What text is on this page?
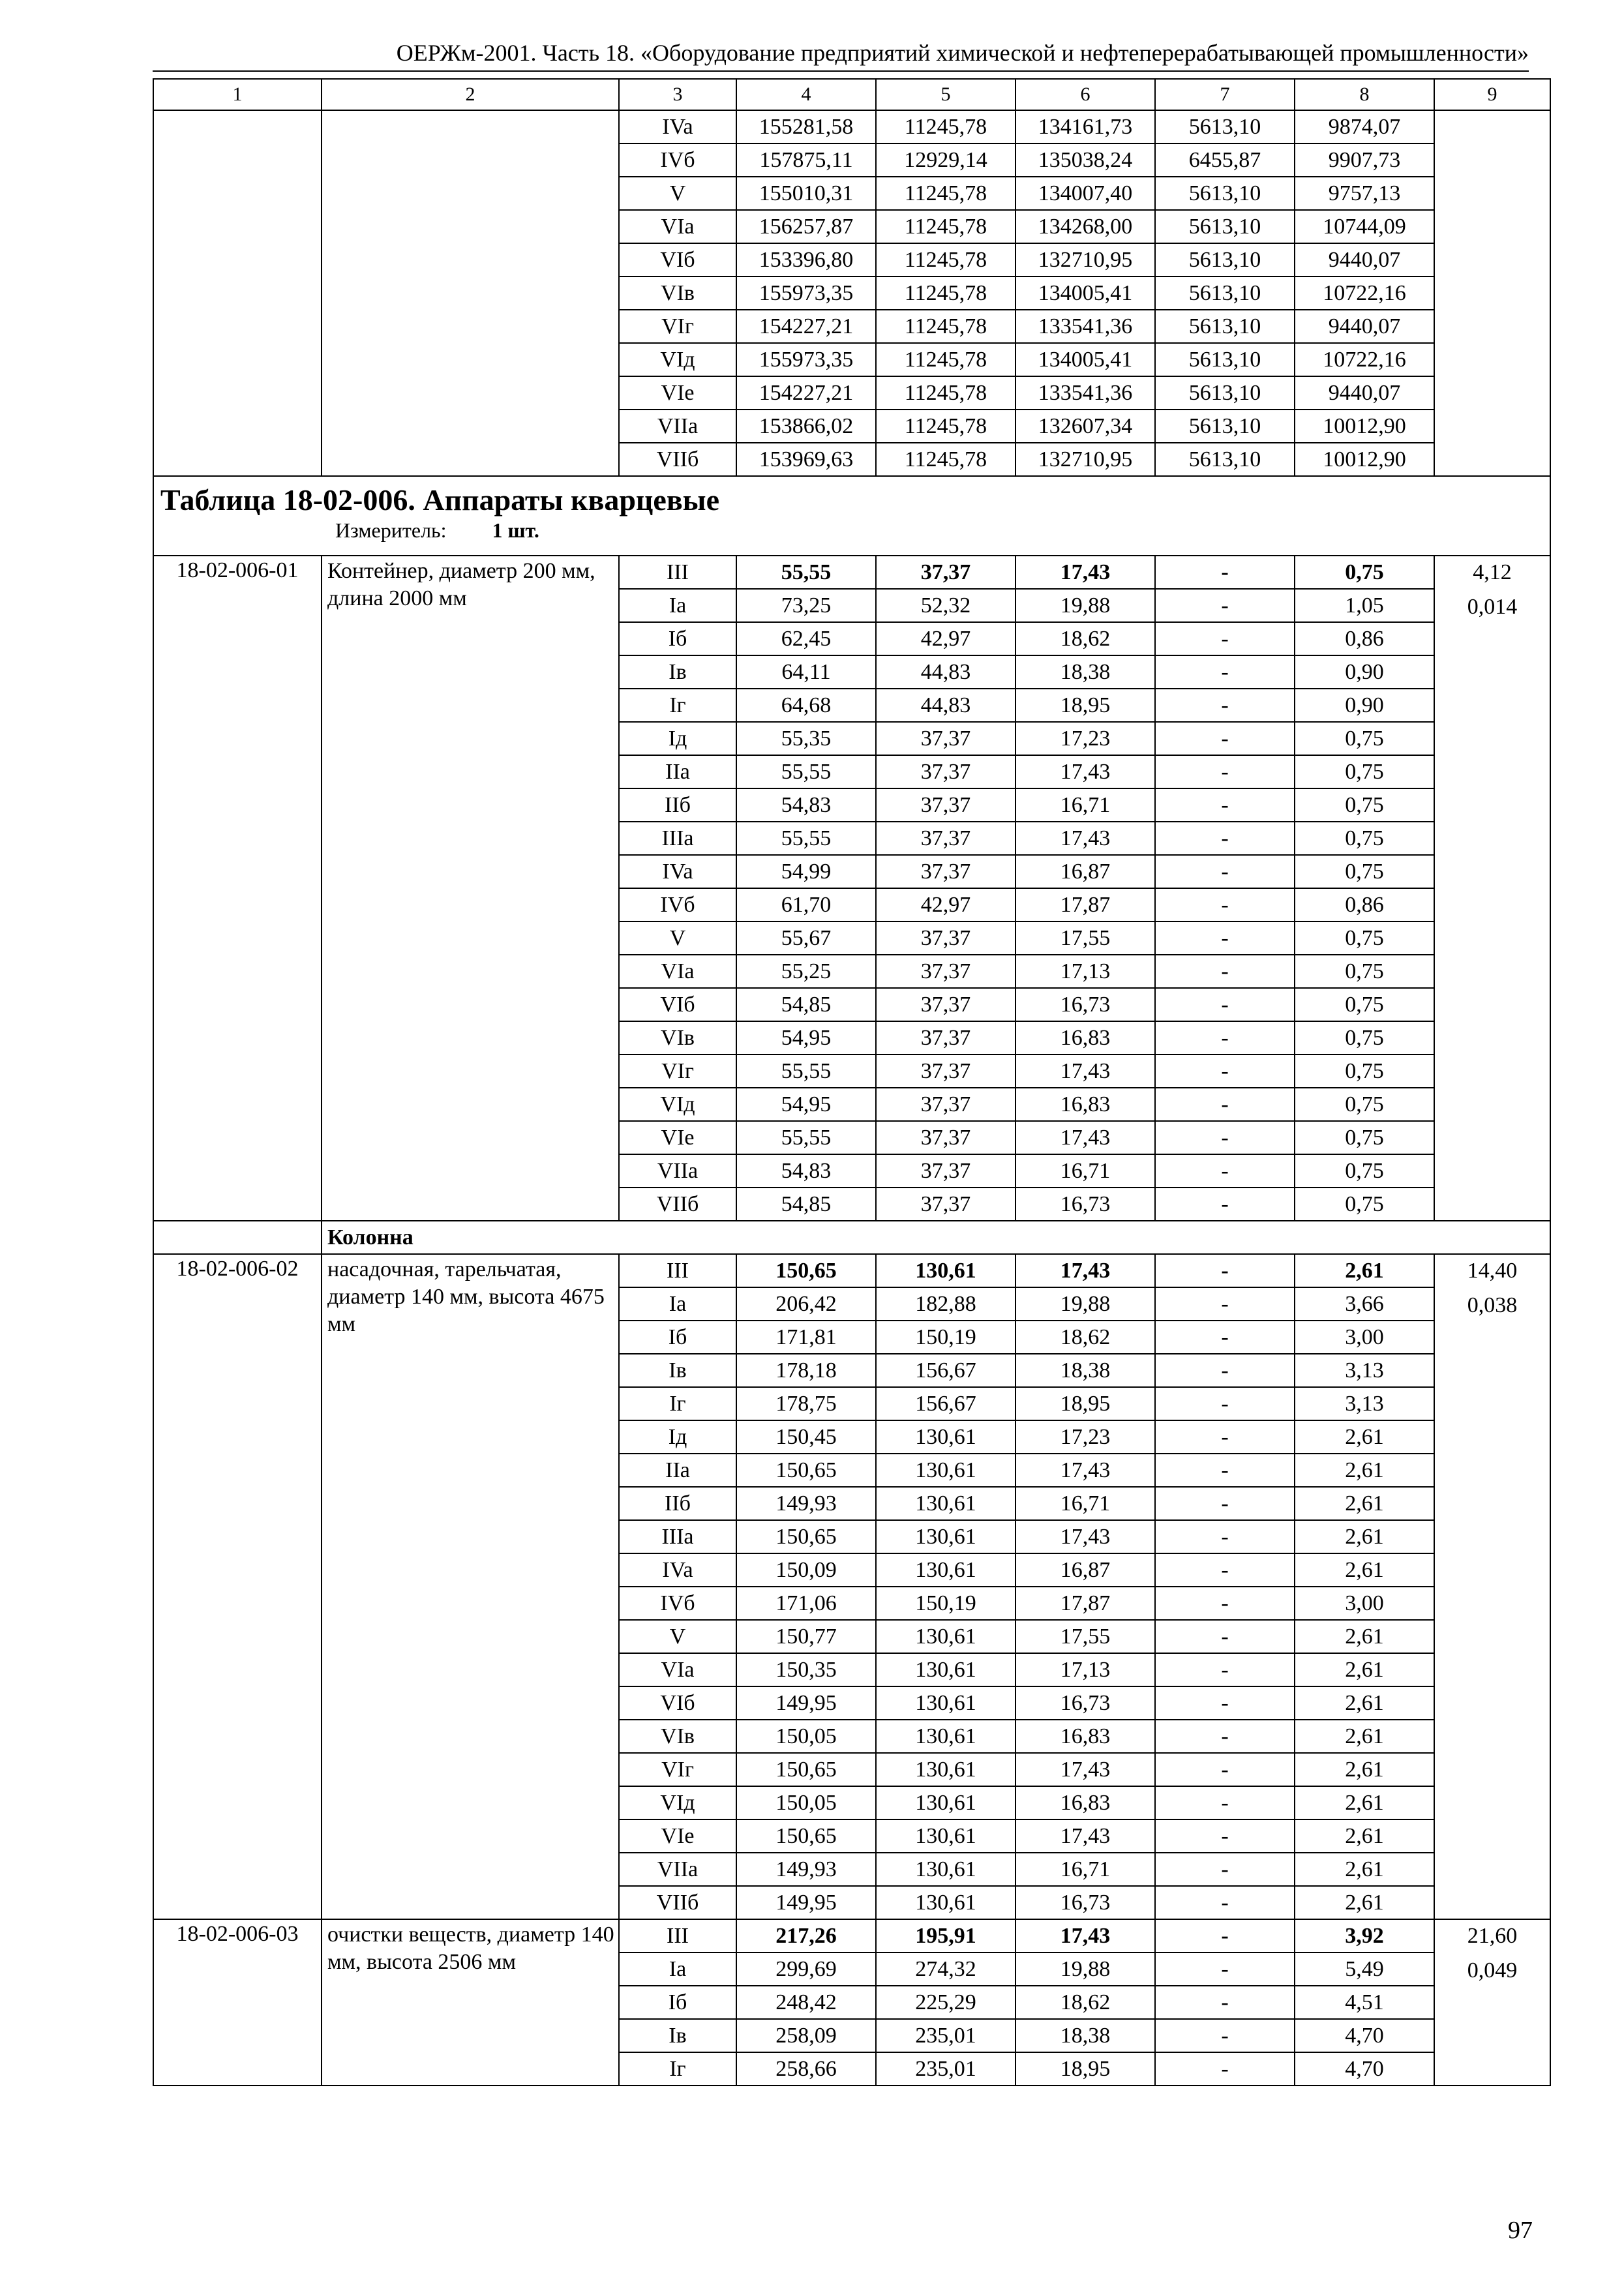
ОЕРЖм-2001. Часть 18. «Оборудование предприятий химической и нефтеперерабатывающей промышленности»
1	2	3	4	5	6	7	8	9
		IVa	155281,58	11245,78	134161,73	5613,10	9874,07	
		IVб	157875,11	12929,14	135038,24	6455,87	9907,73	
		V	155010,31	11245,78	134007,40	5613,10	9757,13	
		VIa	156257,87	11245,78	134268,00	5613,10	10744,09	
		VIб	153396,80	11245,78	132710,95	5613,10	9440,07	
		VIв	155973,35	11245,78	134005,41	5613,10	10722,16	
		VIг	154227,21	11245,78	133541,36	5613,10	9440,07	
		VIд	155973,35	11245,78	134005,41	5613,10	10722,16	
		VIe	154227,21	11245,78	133541,36	5613,10	9440,07	
		VIIa	153866,02	11245,78	132607,34	5613,10	10012,90	
		VIIб	153969,63	11245,78	132710,95	5613,10	10012,90	

Таблица 18-02-006. Аппараты кварцевые
Измеритель: 1 шт.								

18-02-006-01	Контейнер, диаметр 200 мм, длина 2000 мм	III	55,55	37,37	17,43	-	0,75	4,12
0,014

		Ia	73,25	52,32	19,88	-	1,05	
		Iб	62,45	42,97	18,62	-	0,86	
		Iв	64,11	44,83	18,38	-	0,90	
		Iг	64,68	44,83	18,95	-	0,90	
		Iд	55,35	37,37	17,23	-	0,75	
		IIa	55,55	37,37	17,43	-	0,75	
		IIб	54,83	37,37	16,71	-	0,75	
		IIIa	55,55	37,37	17,43	-	0,75	
		IVa	54,99	37,37	16,87	-	0,75	
		IVб	61,70	42,97	17,87	-	0,86	
		V	55,67	37,37	17,55	-	0,75	
		VIa	55,25	37,37	17,13	-	0,75	
		VIб	54,85	37,37	16,73	-	0,75	
		VIв	54,95	37,37	16,83	-	0,75	
		VIг	55,55	37,37	17,43	-	0,75	
		VIд	54,95	37,37	16,83	-	0,75	
		VIe	55,55	37,37	17,43	-	0,75	
		VIIa	54,83	37,37	16,71	-	0,75	
		VIIб	54,85	37,37	16,73	-	0,75	
	Колонна							
18-02-006-02	насадочная, тарельчатая, диаметр 140 мм, высота 4675 мм	III	150,65	130,61	17,43	-	2,61	14,40
0,038

		Ia	206,42	182,88	19,88	-	3,66	
		Iб	171,81	150,19	18,62	-	3,00	
		Iв	178,18	156,67	18,38	-	3,13	
		Iг	178,75	156,67	18,95	-	3,13	
		Iд	150,45	130,61	17,23	-	2,61	
		IIa	150,65	130,61	17,43	-	2,61	
		IIб	149,93	130,61	16,71	-	2,61	
		IIIa	150,65	130,61	17,43	-	2,61	
		IVa	150,09	130,61	16,87	-	2,61	
		IVб	171,06	150,19	17,87	-	3,00	
		V	150,77	130,61	17,55	-	2,61	
		VIa	150,35	130,61	17,13	-	2,61	
		VIб	149,95	130,61	16,73	-	2,61	
		VIв	150,05	130,61	16,83	-	2,61	
		VIг	150,65	130,61	17,43	-	2,61	
		VIд	150,05	130,61	16,83	-	2,61	
		VIe	150,65	130,61	17,43	-	2,61	
		VIIa	149,93	130,61	16,71	-	2,61	
		VIIб	149,95	130,61	16,73	-	2,61	
18-02-006-03	очистки веществ, диаметр 140 мм, высота 2506 мм	III	217,26	195,91	17,43	-	3,92	21,60
0,049

		Ia	299,69	274,32	19,88	-	5,49	
		Iб	248,42	225,29	18,62	-	4,51	
		Iв	258,09	235,01	18,38	-	4,70	
		Iг	258,66	235,01	18,95	-	4,70	
97
